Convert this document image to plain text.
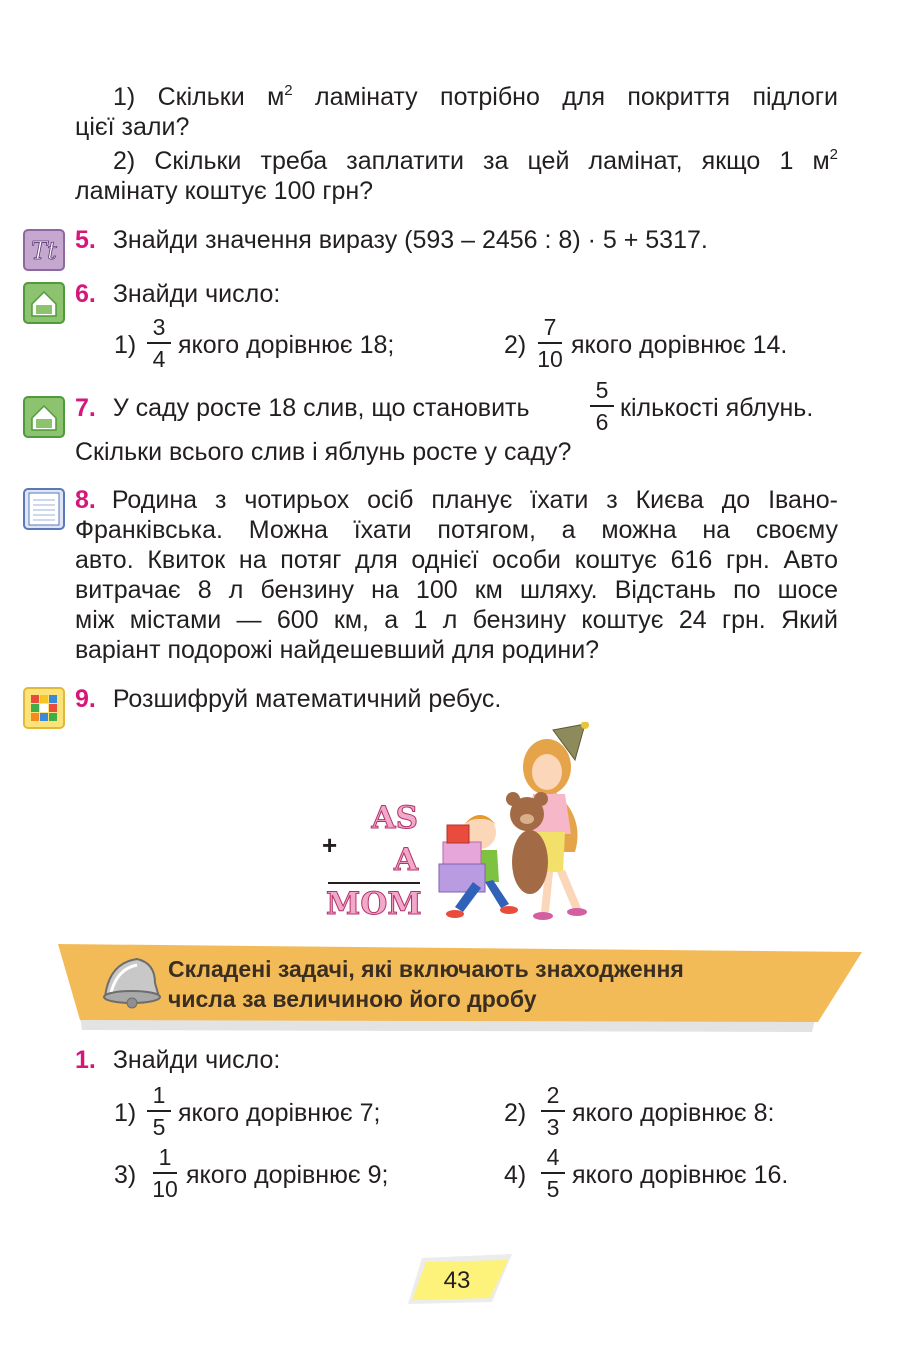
1) Скільки $м^2$ ламінату потрібно для покриття підлоги
цієї зали?
2) Скільки треба заплатити за цей ламінат, якщо 1 $м^2$
ламінату коштує 100 грн?
Tt 5. Знайди значення виразу (593 – 2456 : 8) · 5 + 5317.
6. Знайди число:
1)
3
4 якого дорівнює 18;	2)
7
10 якого дорівнює 14.
7. У саду росте 18 слив, що становить
5
6 кількості яблунь.
Скільки всього слив і яблунь росте у саду?
8. Родина з чотирьох осіб планує їхати з Києва до Івано-
Франківська. Можна їхати потягом, а можна на своєму
авто. Квиток на потяг для однієї особи коштує 616 грн. Авто
витрачає 8 л бензину на 100 км шляху. Відстань по шосе
між містами — 600 км, а 1 л бензину коштує 24 грн. Який
варіант подорожі найдешевший для родини?
9. Розшифруй математичний ребус.
AS
+	A
MOM
Складені задачі, які включають знаходження
числа за величиною його дробу
1. Знайди число:
1)
1
5 якого дорівнює 7;	2)
2
3 якого дорівнює 8:
3)
1
10 якого дорівнює 9;	4)
4
5 якого дорівнює 16.
43
